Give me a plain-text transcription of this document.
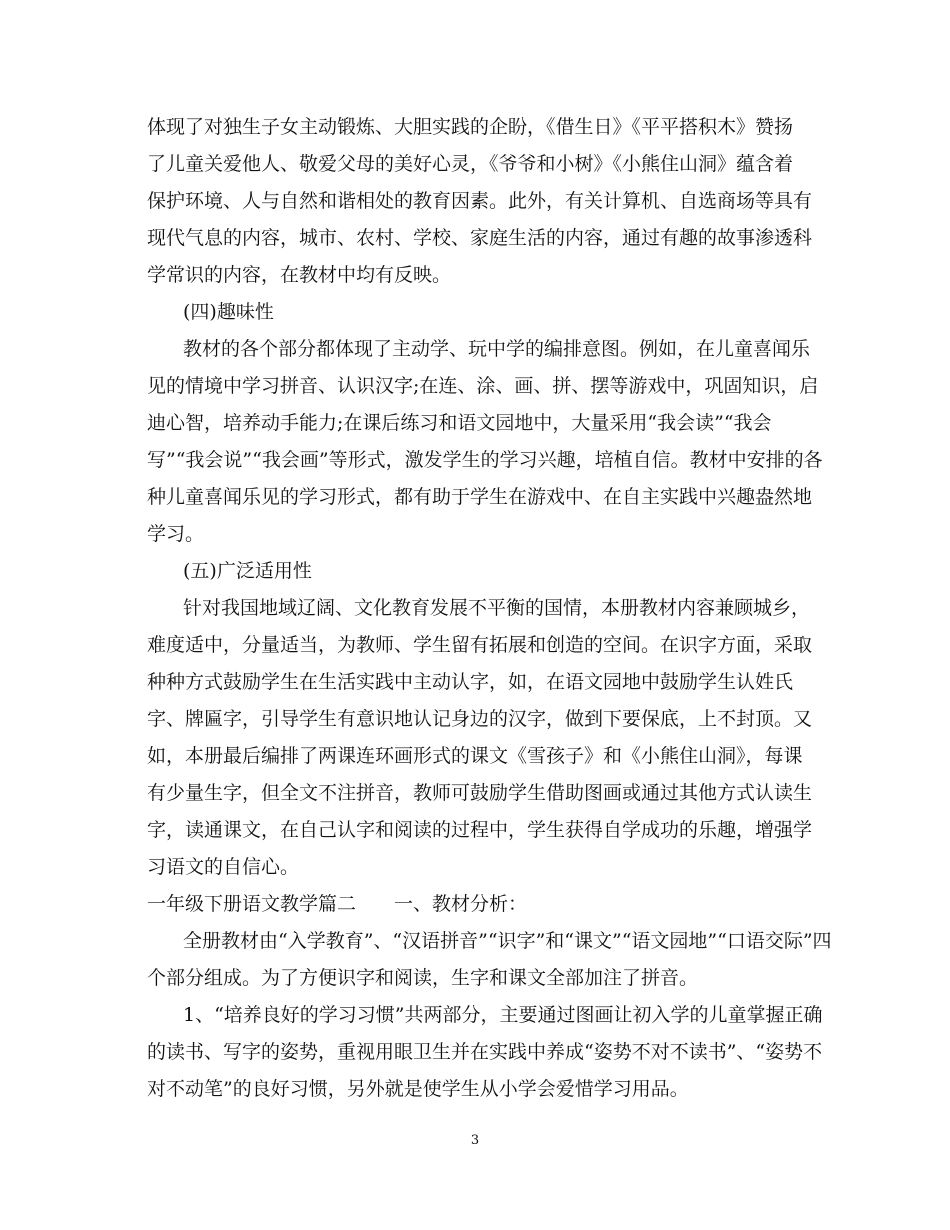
体现了对独生子女主动锻炼、大胆实践的企盼，《借生日》《平平搭积木》赞扬
了儿童关爱他人、敬爱父母的美好心灵，《爷爷和小树》《小熊住山洞》蕴含着
保护环境、人与自然和谐相处的教育因素。此外，有关计算机、自选商场等具有
现代气息的内容，城市、农村、学校、家庭生活的内容，通过有趣的故事渗透科
学常识的内容，在教材中均有反映。
(四)趣味性
教材的各个部分都体现了主动学、玩中学的编排意图。例如，在儿童喜闻乐
见的情境中学习拼音、认识汉字;在连、涂、画、拼、摆等游戏中，巩固知识，启
迪心智，培养动手能力;在课后练习和语文园地中，大量采用“我会读”“我会
写”“我会说”“我会画”等形式，激发学生的学习兴趣，培植自信。教材中安排的各
种儿童喜闻乐见的学习形式，都有助于学生在游戏中、在自主实践中兴趣盎然地
学习。
(五)广泛适用性
针对我国地域辽阔、文化教育发展不平衡的国情，本册教材内容兼顾城乡，
难度适中，分量适当，为教师、学生留有拓展和创造的空间。在识字方面，采取
种种方式鼓励学生在生活实践中主动认字，如，在语文园地中鼓励学生认姓氏
字、牌匾字，引导学生有意识地认记身边的汉字，做到下要保底，上不封顶。又
如，本册最后编排了两课连环画形式的课文《雪孩子》和《小熊住山洞》，每课
有少量生字，但全文不注拼音，教师可鼓励学生借助图画或通过其他方式认读生
字，读通课文，在自己认字和阅读的过程中，学生获得自学成功的乐趣，增强学
习语文的自信心。
一年级下册语文教学篇二　　一、教材分析：
全册教材由“入学教育”、“汉语拼音”“识字”和“课文”“语文园地”“口语交际”四
个部分组成。为了方便识字和阅读，生字和课文全部加注了拼音。
1、“培养良好的学习习惯”共两部分，主要通过图画让初入学的儿童掌握正确
的读书、写字的姿势，重视用眼卫生并在实践中养成“姿势不对不读书”、“姿势不
对不动笔”的良好习惯，另外就是使学生从小学会爱惜学习用品。
3
